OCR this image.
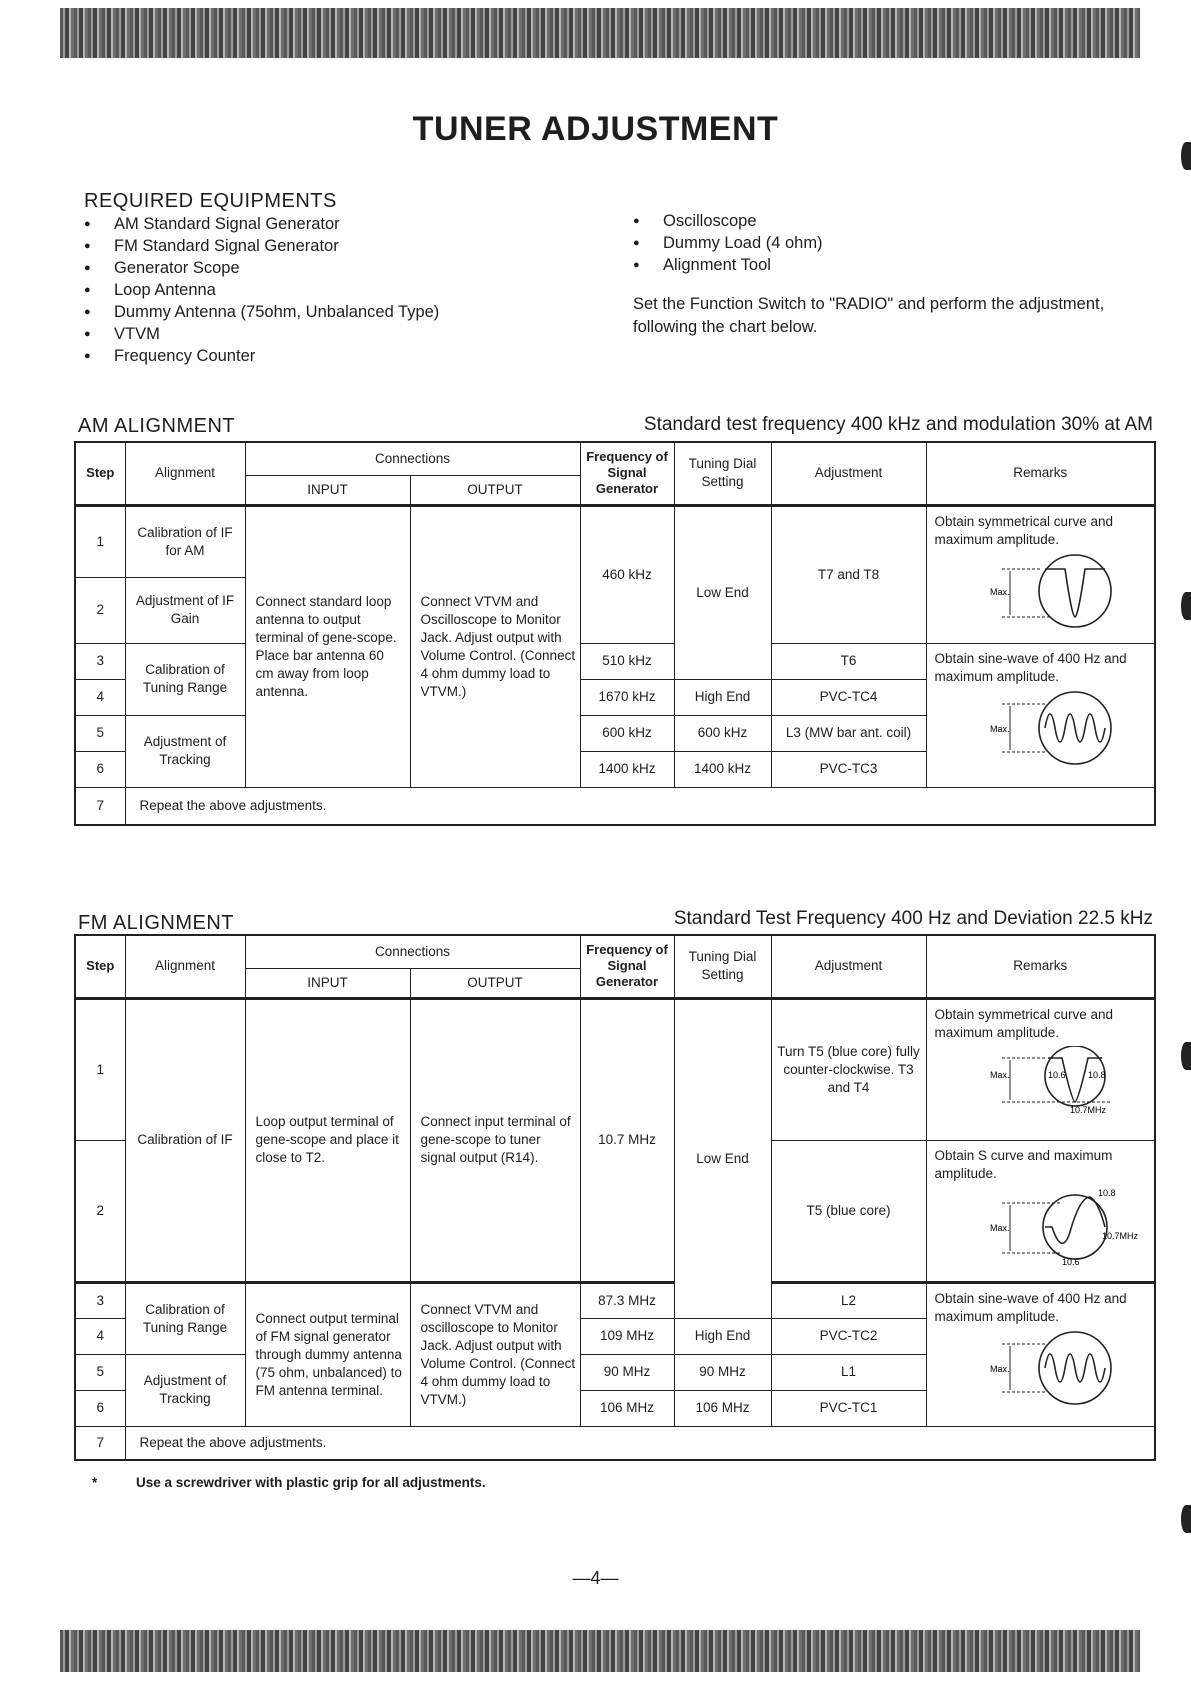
TUNER ADJUSTMENT
REQUIRED EQUIPMENTS
● AM Standard Signal Generator
● FM Standard Signal Generator
● Generator Scope
● Loop Antenna
● Dummy Antenna (75ohm, Unbalanced Type)
● VTVM
● Frequency Counter
● Oscilloscope
● Dummy Load (4 ohm)
● Alignment Tool
Set the Function Switch to "RADIO" and perform the adjustment, following the chart below.
AM ALIGNMENT	Standard test frequency 400 kHz and modulation 30% at AM
Step	Alignment	Connections		Frequency of Signal Generator	Tuning Dial Setting	Adjustment	Remarks
		INPUT	OUTPUT				
1	Calibration of IF for AM	Connect standard loop antenna to output terminal of gene-scope. Place bar antenna 60 cm away from loop antenna.	Connect VTVM and Oscilloscope to Monitor Jack. Adjust output with Volume Control. (Connect 4 ohm dummy load to VTVM.)	460 kHz	Low End	T7 and T8	Obtain symmetrical curve and maximum amplitude.
Max.

2	Adjustment of IF Gain						
3	Calibration of Tuning Range			510 kHz		T6	Obtain sine-wave of 400 Hz and maximum amplitude.
Max.

4				1670 kHz	High End	PVC-TC4	
5	Adjustment of Tracking			600 kHz	600 kHz	L3 (MW bar ant. coil)	
6				1400 kHz	1400 kHz	PVC-TC3	
7	Repeat the above adjustments.						
FM ALIGNMENT	Standard Test Frequency 400 Hz and Deviation 22.5 kHz
Step	Alignment	Connections		Frequency of Signal Generator	Tuning Dial Setting	Adjustment	Remarks
		INPUT	OUTPUT				
1	Calibration of IF	Loop output terminal of gene-scope and place it close to T2.	Connect input terminal of gene-scope to tuner signal output (R14).	10.7 MHz	Low End	Turn T5 (blue core) fully counter-clockwise. T3 and T4	Obtain symmetrical curve and maximum amplitude.
Max. 10.6 10.8
10.7MHz

2						T5 (blue core)	Obtain S curve and maximum amplitude.
Max.
10.8
10.7MHz
10.6

3	Calibration of Tuning Range	Connect output terminal of FM signal generator through dummy antenna (75 ohm, unbalanced) to FM antenna terminal.	Connect VTVM and oscilloscope to Monitor Jack. Adjust output with Volume Control. (Connect 4 ohm dummy load to VTVM.)	87.3 MHz		L2	Obtain sine-wave of 400 Hz and maximum amplitude.
Max.

4				109 MHz	High End	PVC-TC2	
5	Adjustment of Tracking			90 MHz	90 MHz	L1	
6				106 MHz	106 MHz	PVC-TC1	
7	Repeat the above adjustments.						
*	Use a screwdriver with plastic grip for all adjustments.
—4—
